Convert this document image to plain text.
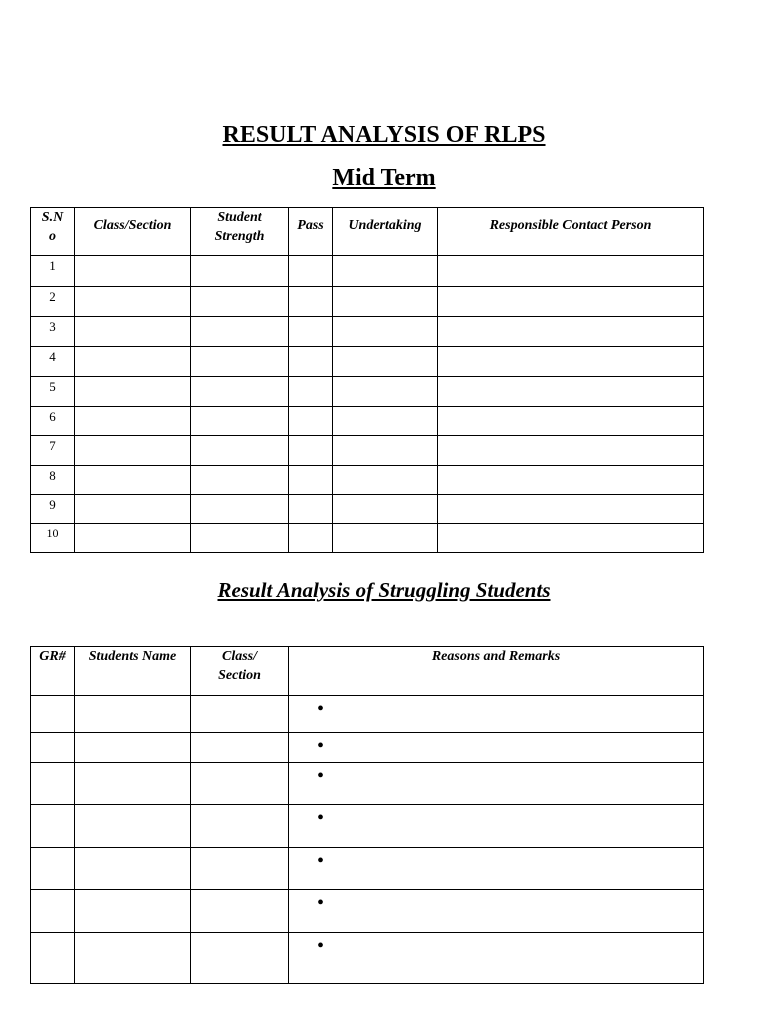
RESULT ANALYSIS OF RLPS
Mid Term
S.N o	Class/Section	Student Strength	Pass	Undertaking	Responsible Contact Person
1					
2					
3					
4					
5					
6					
7					
8					
9					
10					
Result Analysis of Struggling Students
GR#	Students Name	Class/ Section	Reasons and Remarks

			•

			•

			•

			•

			•

			•

			•
